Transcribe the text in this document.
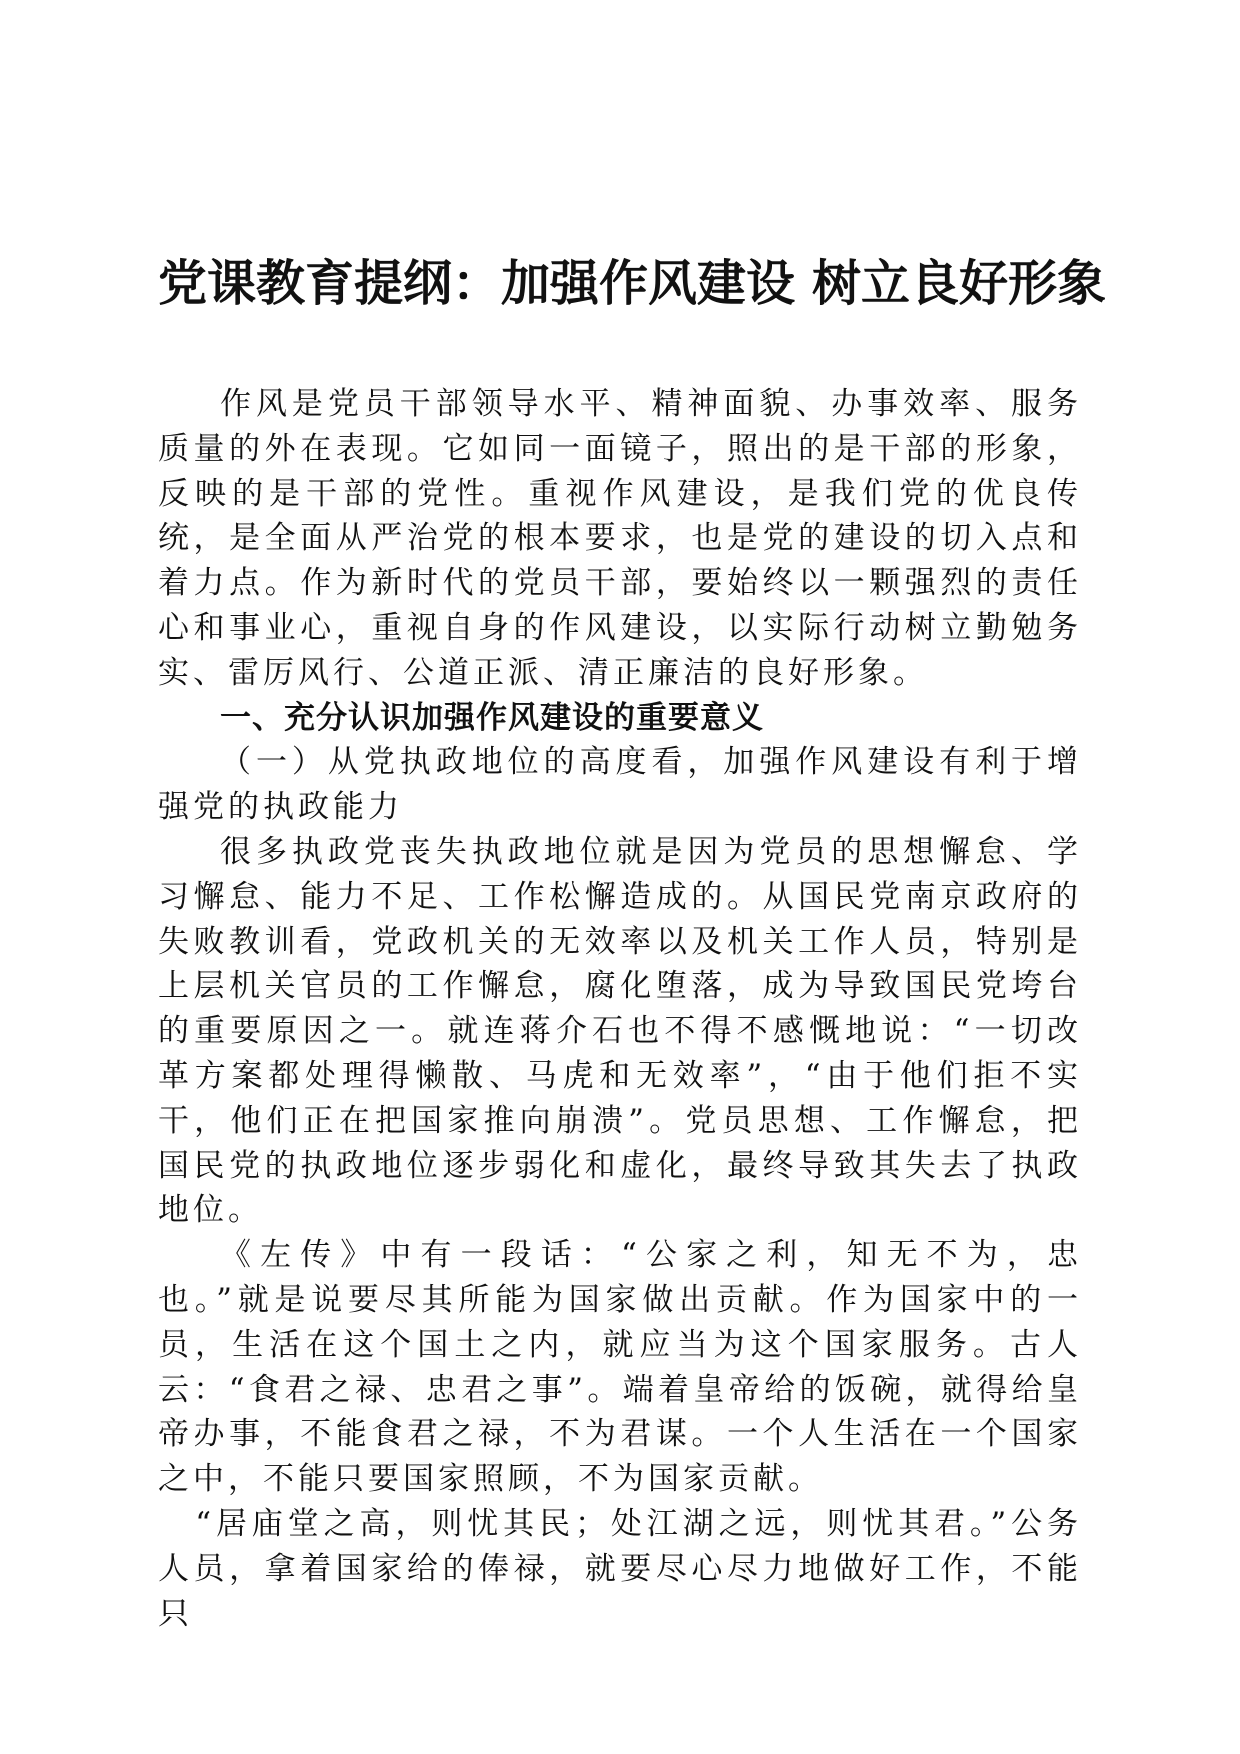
党课教育提纲：加强作风建设 树立良好形象

作风是党员干部领导水平、精神面貌、办事效率、服务质量的外在表现。它如同一面镜子，照出的是干部的形象，反映的是干部的党性。重视作风建设，是我们党的优良传统，是全面从严治党的根本要求，也是党的建设的切入点和着力点。作为新时代的党员干部，要始终以一颗强烈的责任心和事业心，重视自身的作风建设，以实际行动树立勤勉务实、雷厉风行、公道正派、清正廉洁的良好形象。

一、充分认识加强作风建设的重要意义

（一）从党执政地位的高度看，加强作风建设有利于增强党的执政能力

很多执政党丧失执政地位就是因为党员的思想懈怠、学习懈怠、能力不足、工作松懈造成的。从国民党南京政府的失败教训看，党政机关的无效率以及机关工作人员，特别是上层机关官员的工作懈怠，腐化堕落，成为导致国民党垮台的重要原因之一。就连蒋介石也不得不感慨地说：“一切改革方案都处理得懒散、马虎和无效率”，“由于他们拒不实干，他们正在把国家推向崩溃”。党员思想、工作懈怠，把国民党的执政地位逐步弱化和虚化，最终导致其失去了执政地位。

《左传》中有一段话：“公家之利，知无不为，忠也。”就是说要尽其所能为国家做出贡献。作为国家中的一员，生活在这个国土之内，就应当为这个国家服务。古人云：“食君之禄、忠君之事”。端着皇帝给的饭碗，就得给皇帝办事，不能食君之禄，不为君谋。一个人生活在一个国家之中，不能只要国家照顾，不为国家贡献。

“居庙堂之高，则忧其民；处江湖之远，则忧其君。”公务人员，拿着国家给的俸禄，就要尽心尽力地做好工作，不能只
